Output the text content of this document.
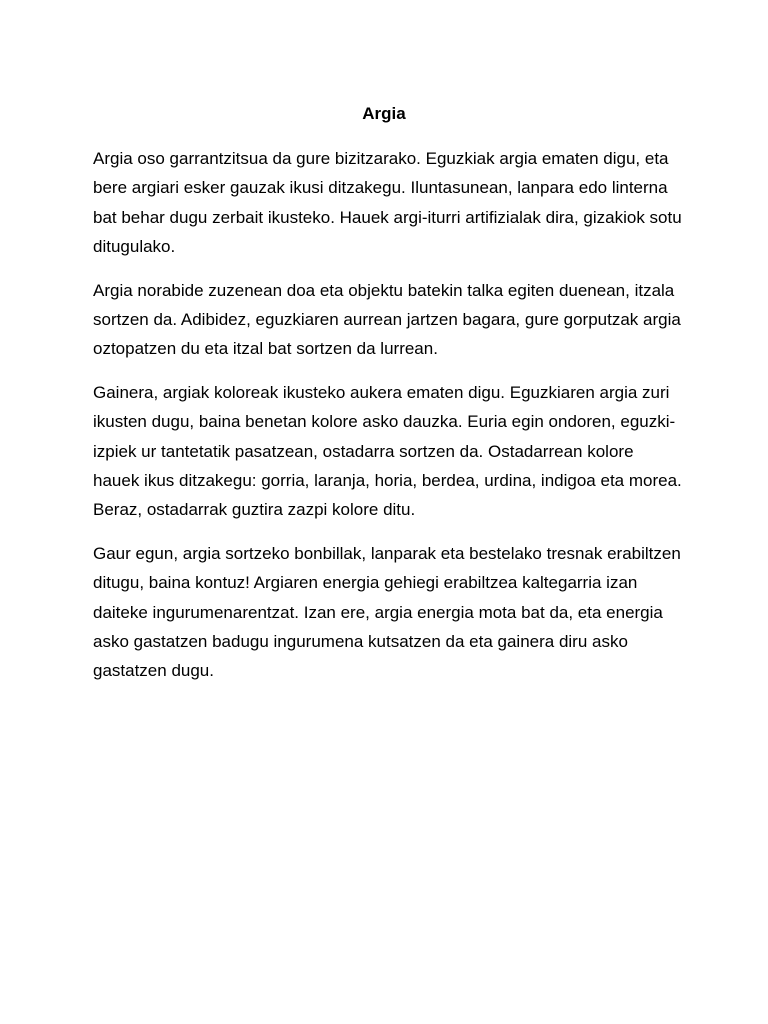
Argia

Argia oso garrantzitsua da gure bizitzarako. Eguzkiak argia ematen digu, eta bere argiari esker gauzak ikusi ditzakegu. Iluntasunean, lanpara edo linterna bat behar dugu zerbait ikusteko. Hauek argi-iturri artifizialak dira, gizakiok sotu ditugulako.

Argia norabide zuzenean doa eta objektu batekin talka egiten duenean, itzala sortzen da. Adibidez, eguzkiaren aurrean jartzen bagara, gure gorputzak argia oztopatzen du eta itzal bat sortzen da lurrean.

Gainera, argiak koloreak ikusteko aukera ematen digu. Eguzkiaren argia zuri ikusten dugu, baina benetan kolore asko dauzka. Euria egin ondoren, eguzki-izpiek ur tantetatik pasatzean, ostadarra sortzen da. Ostadarrean kolore hauek ikus ditzakegu: gorria, laranja, horia, berdea, urdina, indigoa eta morea. Beraz, ostadarrak guztira zazpi kolore ditu.

Gaur egun, argia sortzeko bonbillak, lanparak eta bestelako tresnak erabiltzen ditugu, baina kontuz! Argiaren energia gehiegi erabiltzea kaltegarria izan daiteke ingurumenarentzat. Izan ere, argia energia mota bat da, eta energia asko gastatzen badugu ingurumena kutsatzen da eta gainera diru asko gastatzen dugu.
